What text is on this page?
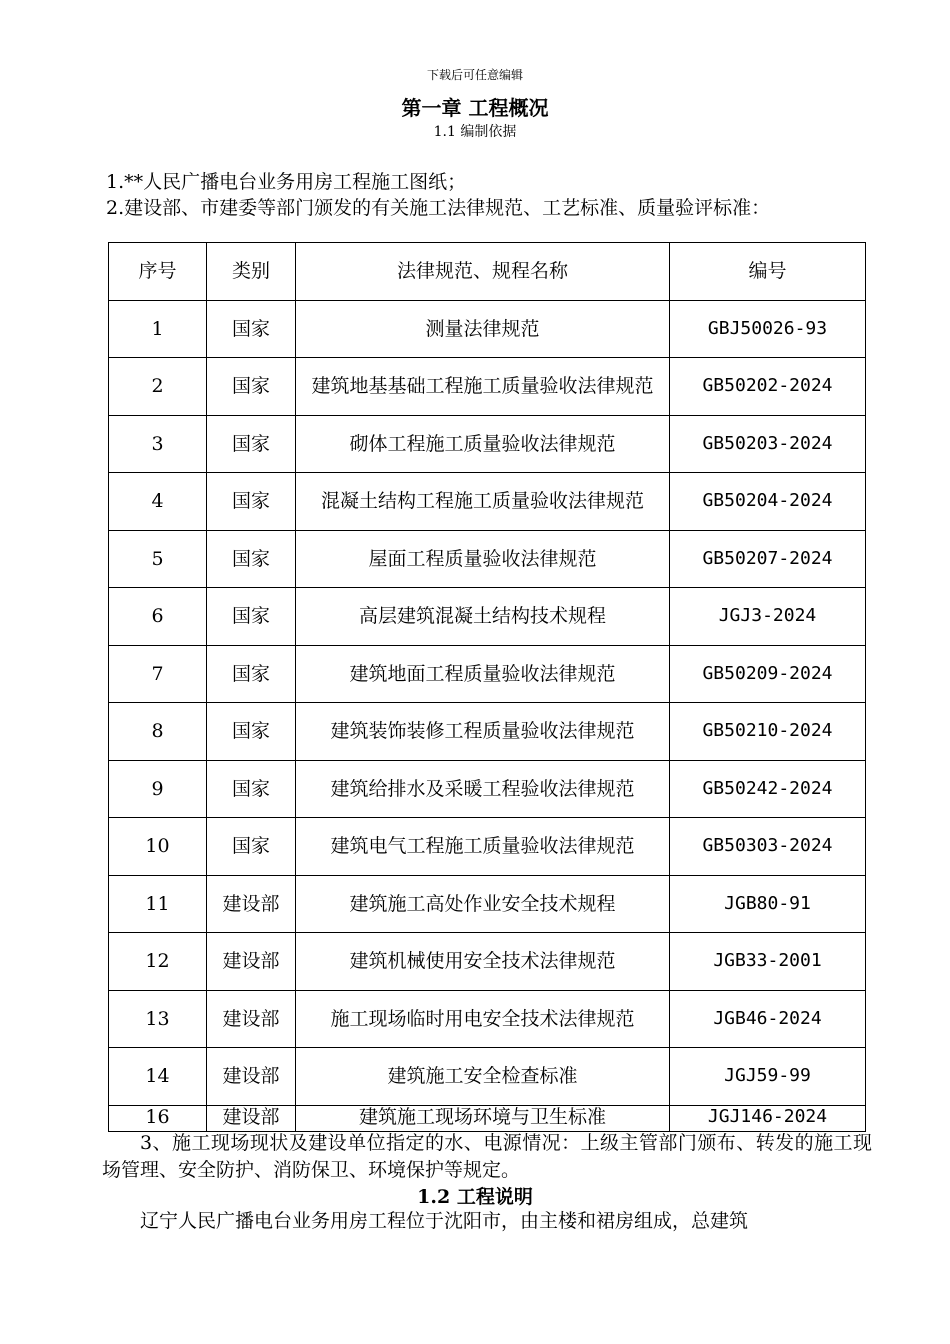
下载后可任意编辑
第一章 工程概况
1.1 编制依据
1.**人民广播电台业务用房工程施工图纸；
2.建设部、市建委等部门颁发的有关施工法律规范、工艺标准、质量验评标准：
序号	类别	法律规范、规程名称	编号
1	国家	测量法律规范	GBJ50026-93
2	国家	建筑地基基础工程施工质量验收法律规范	GB50202-2024
3	国家	砌体工程施工质量验收法律规范	GB50203-2024
4	国家	混凝土结构工程施工质量验收法律规范	GB50204-2024
5	国家	屋面工程质量验收法律规范	GB50207-2024
6	国家	高层建筑混凝土结构技术规程	JGJ3-2024
7	国家	建筑地面工程质量验收法律规范	GB50209-2024
8	国家	建筑装饰装修工程质量验收法律规范	GB50210-2024
9	国家	建筑给排水及采暖工程验收法律规范	GB50242-2024
10	国家	建筑电气工程施工质量验收法律规范	GB50303-2024
11	建设部	建筑施工高处作业安全技术规程	JGB80-91
12	建设部	建筑机械使用安全技术法律规范	JGB33-2001
13	建设部	施工现场临时用电安全技术法律规范	JGB46-2024
14	建设部	建筑施工安全检查标准	JGJ59-99
16	建设部	建筑施工现场环境与卫生标准	JGJ146-2024
3、施工现场现状及建设单位指定的水、电源情况：上级主管部门颁布、转发的施工现场管理、安全防护、消防保卫、环境保护等规定。
1.2 工程说明
辽宁人民广播电台业务用房工程位于沈阳市，由主楼和裙房组成，总建筑
